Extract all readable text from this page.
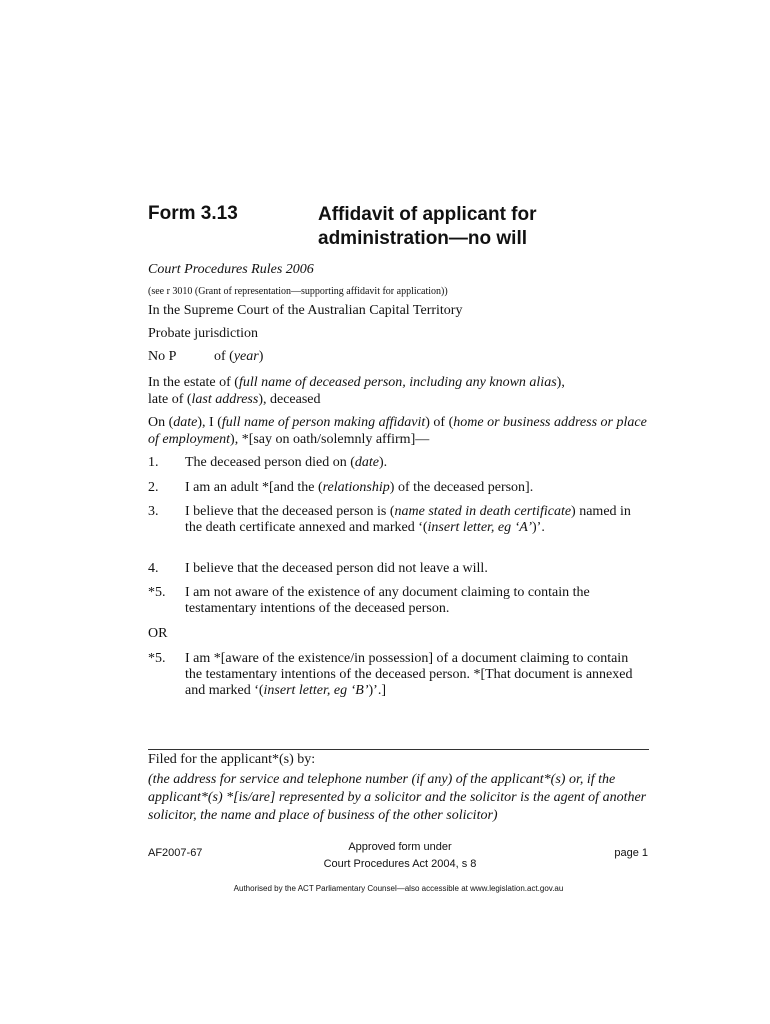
Form 3.13	Affidavit of applicant for
administration—no will
Court Procedures Rules 2006
(see r 3010 (Grant of representation—supporting affidavit for application))
In the Supreme Court of the Australian Capital Territory
Probate jurisdiction
No P	of (year)
In the estate of (full name of deceased person, including any known alias), late of (last address), deceased
On (date), I (full name of person making affidavit) of (home or business address or place of employment), *[say on oath/solemnly affirm]—
1. The deceased person died on (date).
2. I am an adult *[and the (relationship) of the deceased person].
3. I believe that the deceased person is (name stated in death certificate) named in the death certificate annexed and marked ‘(insert letter, eg ‘A’)’.
4. I believe that the deceased person did not leave a will.
*5. I am not aware of the existence of any document claiming to contain the testamentary intentions of the deceased person.
OR
*5. I am *[aware of the existence/in possession] of a document claiming to contain the testamentary intentions of the deceased person. *[That document is annexed and marked ‘(insert letter, eg ‘B’)’.]
Filed for the applicant*(s) by:
(the address for service and telephone number (if any) of the applicant*(s) or, if the applicant*(s) *[is/are] represented by a solicitor and the solicitor is the agent of another solicitor, the name and place of business of the other solicitor)
AF2007-67	Approved form under
Court Procedures Act 2004, s 8
page 1
Authorised by the ACT Parliamentary Counsel—also accessible at www.legislation.act.gov.au
